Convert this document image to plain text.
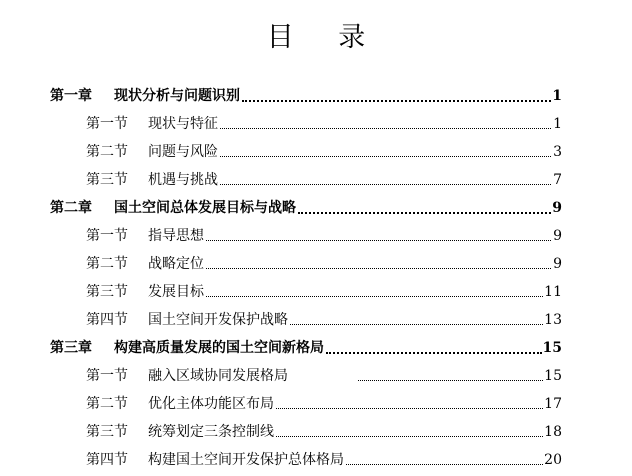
目 录
第一章 现状分析与问题识别	1
第一节 现状与特征	1
第二节 问题与风险	3
第三节 机遇与挑战	7
第二章 国土空间总体发展目标与战略	9
第一节 指导思想	9
第二节 战略定位	9
第三节 发展目标	11
第四节 国土空间开发保护战略	13
第三章 构建高质量发展的国土空间新格局	15
第一节 融入区域协同发展格局	15
第二节 优化主体功能区布局	17
第三节 统筹划定三条控制线	18
第四节 构建国土空间开发保护总体格局	20
